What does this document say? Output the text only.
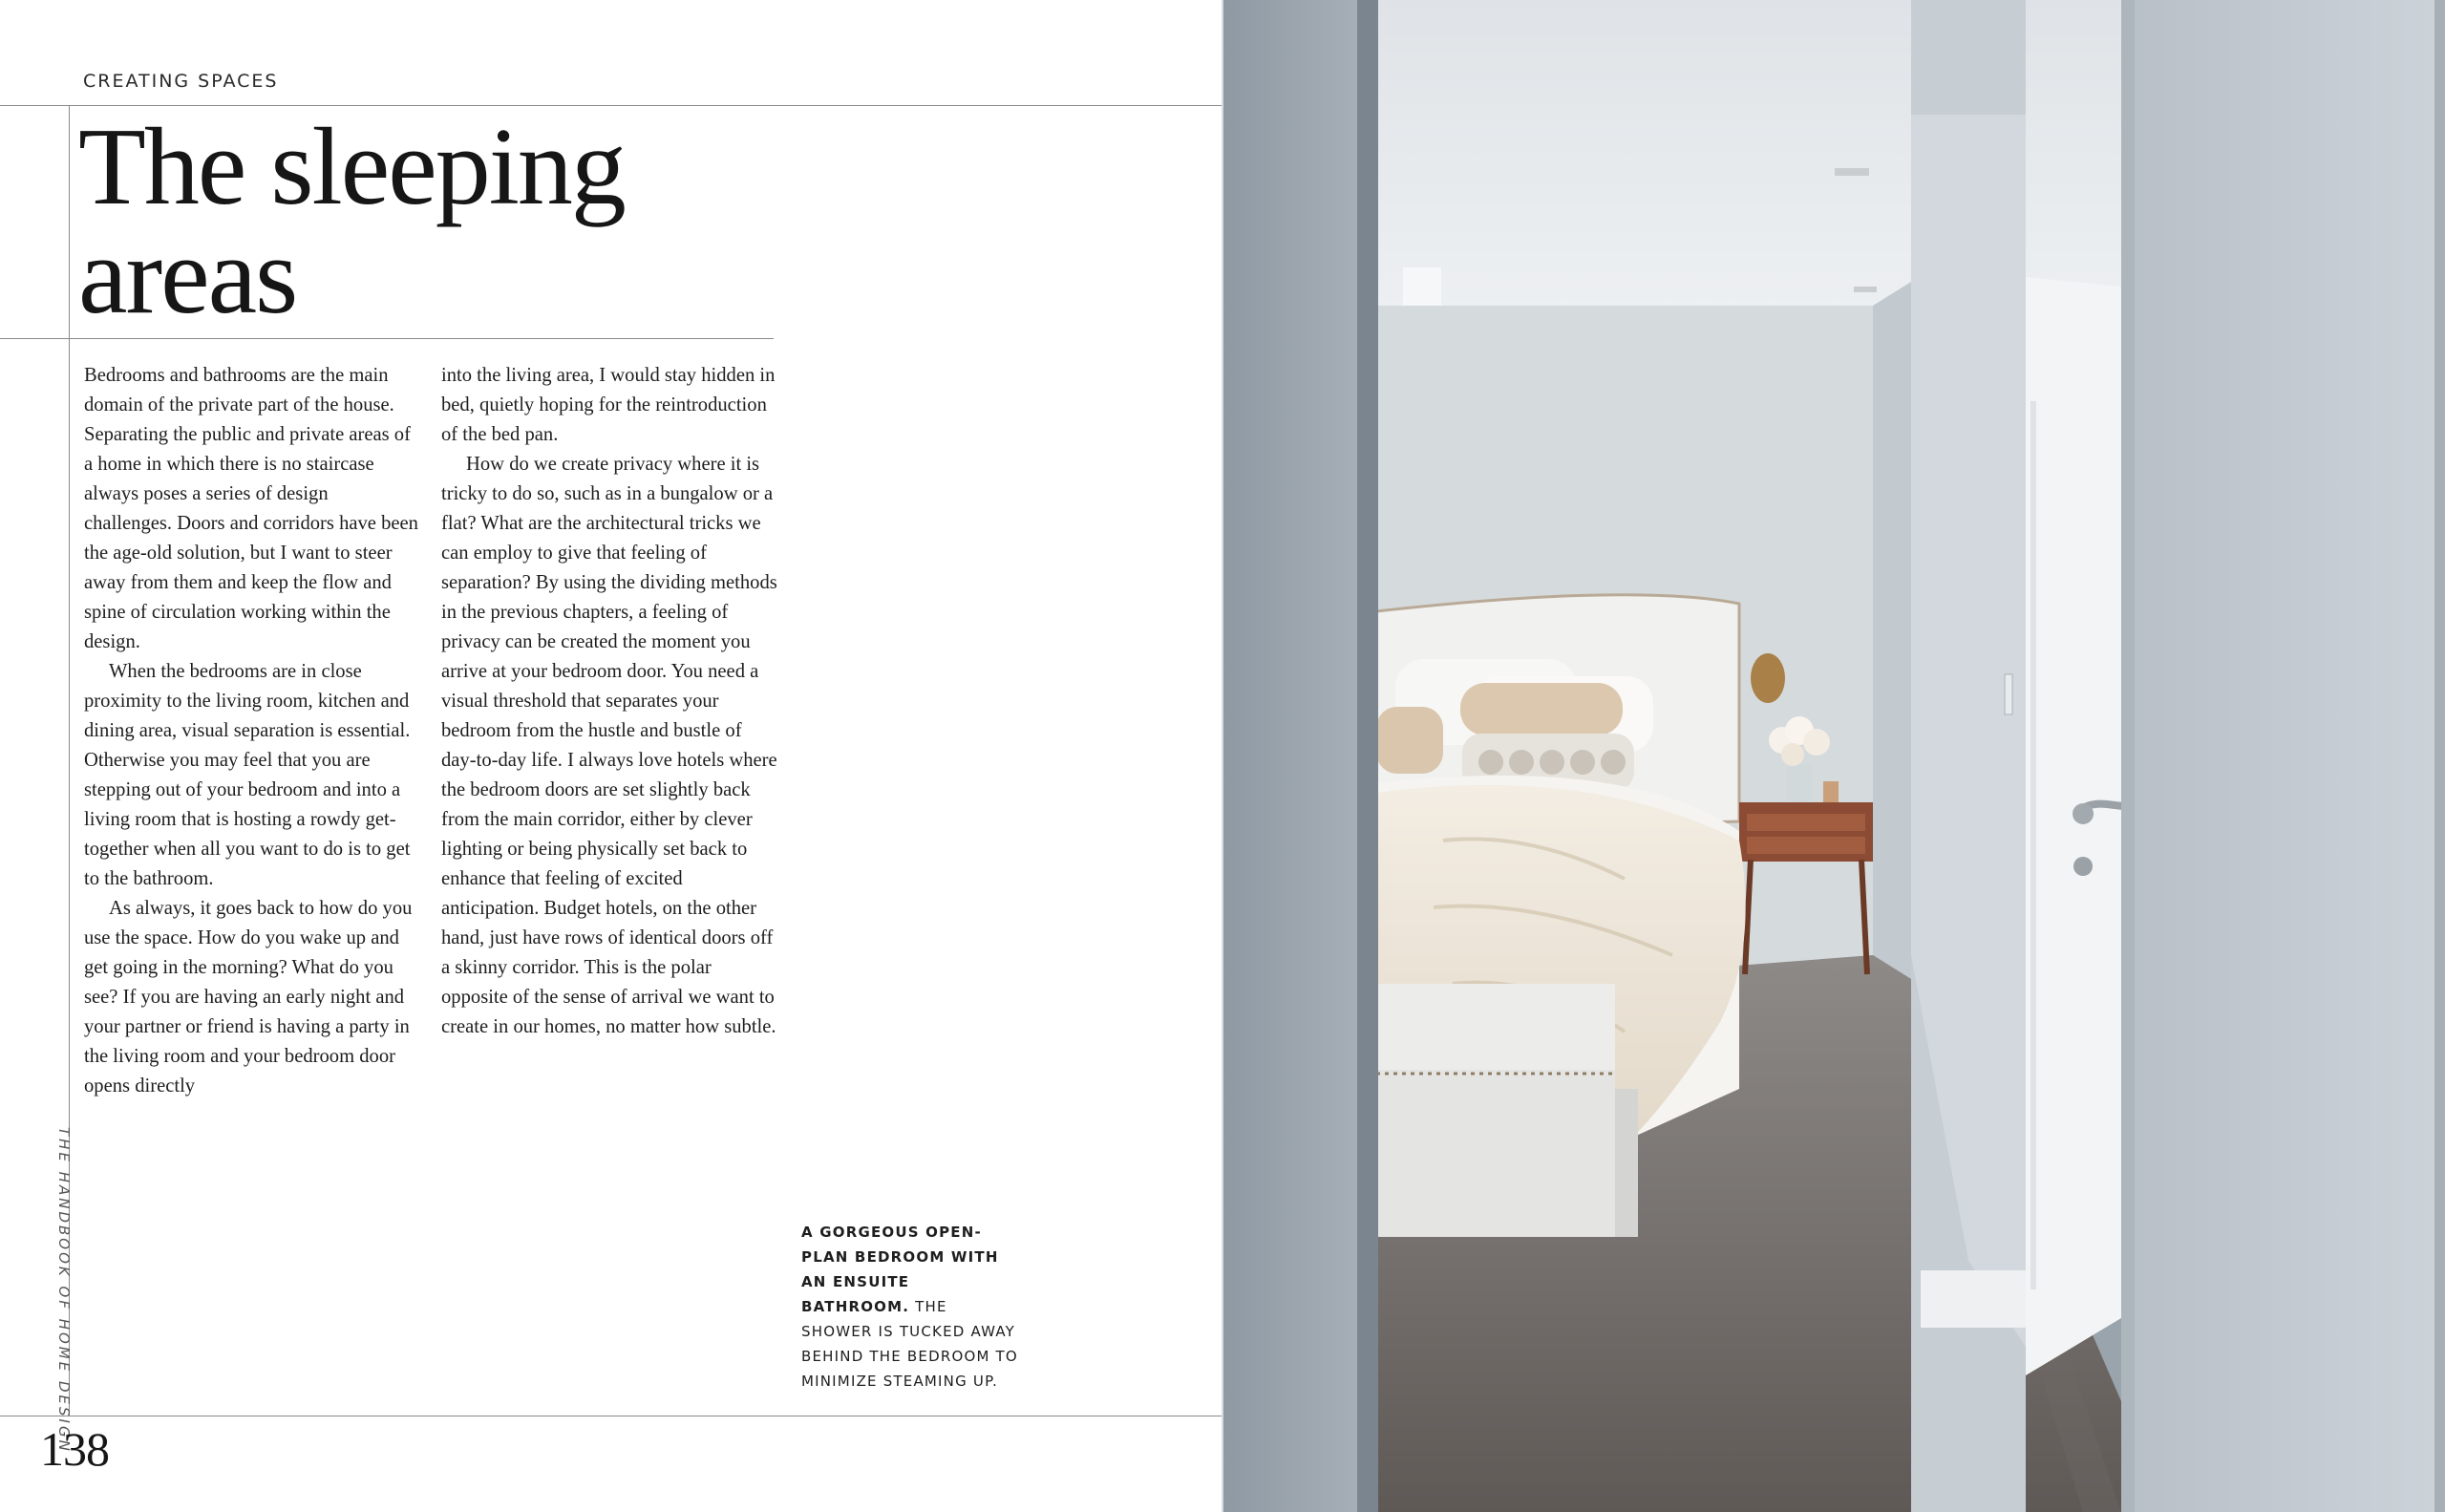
CREATING SPACES
The sleeping
areas

Bedrooms and bathrooms are the main domain of the private part of the house. Separating the public and private areas of a home in which there is no staircase always poses a series of design challenges. Doors and corridors have been the age-old solution, but I want to steer away from them and keep the flow and spine of circulation working within the design.

When the bedrooms are in close proximity to the living room, kitchen and dining area, visual separation is essential. Otherwise you may feel that you are stepping out of your bedroom and into a living room that is hosting a rowdy get-together when all you want to do is to get to the bathroom.

As always, it goes back to how do you use the space. How do you wake up and get going in the morning? What do you see? If you are having an early night and your partner or friend is having a party in the living room and your bedroom door opens directly

into the living area, I would stay hidden in bed, quietly hoping for the reintroduction of the bed pan.

How do we create privacy where it is tricky to do so, such as in a bungalow or a flat? What are the architectural tricks we can employ to give that feeling of separation? By using the dividing methods in the previous chapters, a feeling of privacy can be created the moment you arrive at your bedroom door. You need a visual threshold that separates your bedroom from the hustle and bustle of day-to-day life. I always love hotels where the bedroom doors are set slightly back from the main corridor, either by clever lighting or being physically set back to enhance that feeling of excited anticipation. Budget hotels, on the other hand, just have rows of identical doors off a skinny corridor. This is the polar opposite of the sense of arrival we want to create in our homes, no matter how subtle.

A GORGEOUS OPEN-PLAN BEDROOM WITH AN ENSUITE BATHROOM. THE SHOWER IS TUCKED AWAY BEHIND THE BEDROOM TO MINIMIZE STEAMING UP.
THE HANDBOOK OF HOME DESIGN
138
